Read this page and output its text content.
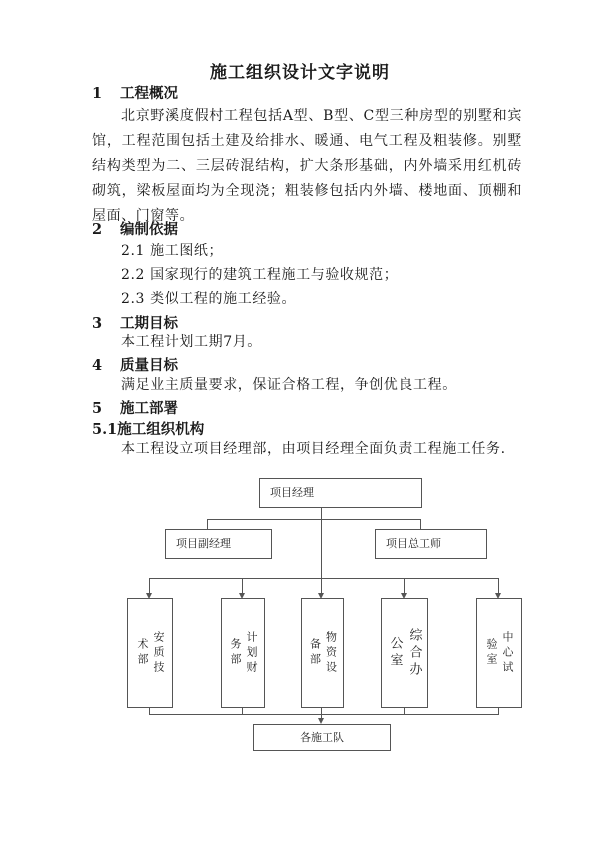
施工组织设计文字说明
1 工程概况
北京野溪度假村工程包括A型、B型、C型三种房型的别墅和宾馆，工程范围包括土建及给排水、暖通、电气工程及粗装修。别墅结构类型为二、三层砖混结构，扩大条形基础，内外墙采用红机砖砌筑，梁板屋面均为全现浇；粗装修包括内外墙、楼地面、顶棚和屋面、门窗等。
2 编制依据
2.1 施工图纸；
2.2 国家现行的建筑工程施工与验收规范；
2.3 类似工程的施工经验。
3 工期目标
本工程计划工期7月。
4 质量目标
满足业主质量要求，保证合格工程，争创优良工程。
5 施工部署
5.1施工组织机构
本工程设立项目经理部，由项目经理全面负责工程施工任务.
项目经理
项目副经理	项目总工师
安质技术部	计划财务部	物资设备部	综合办公室	中心试验室
各施工队
